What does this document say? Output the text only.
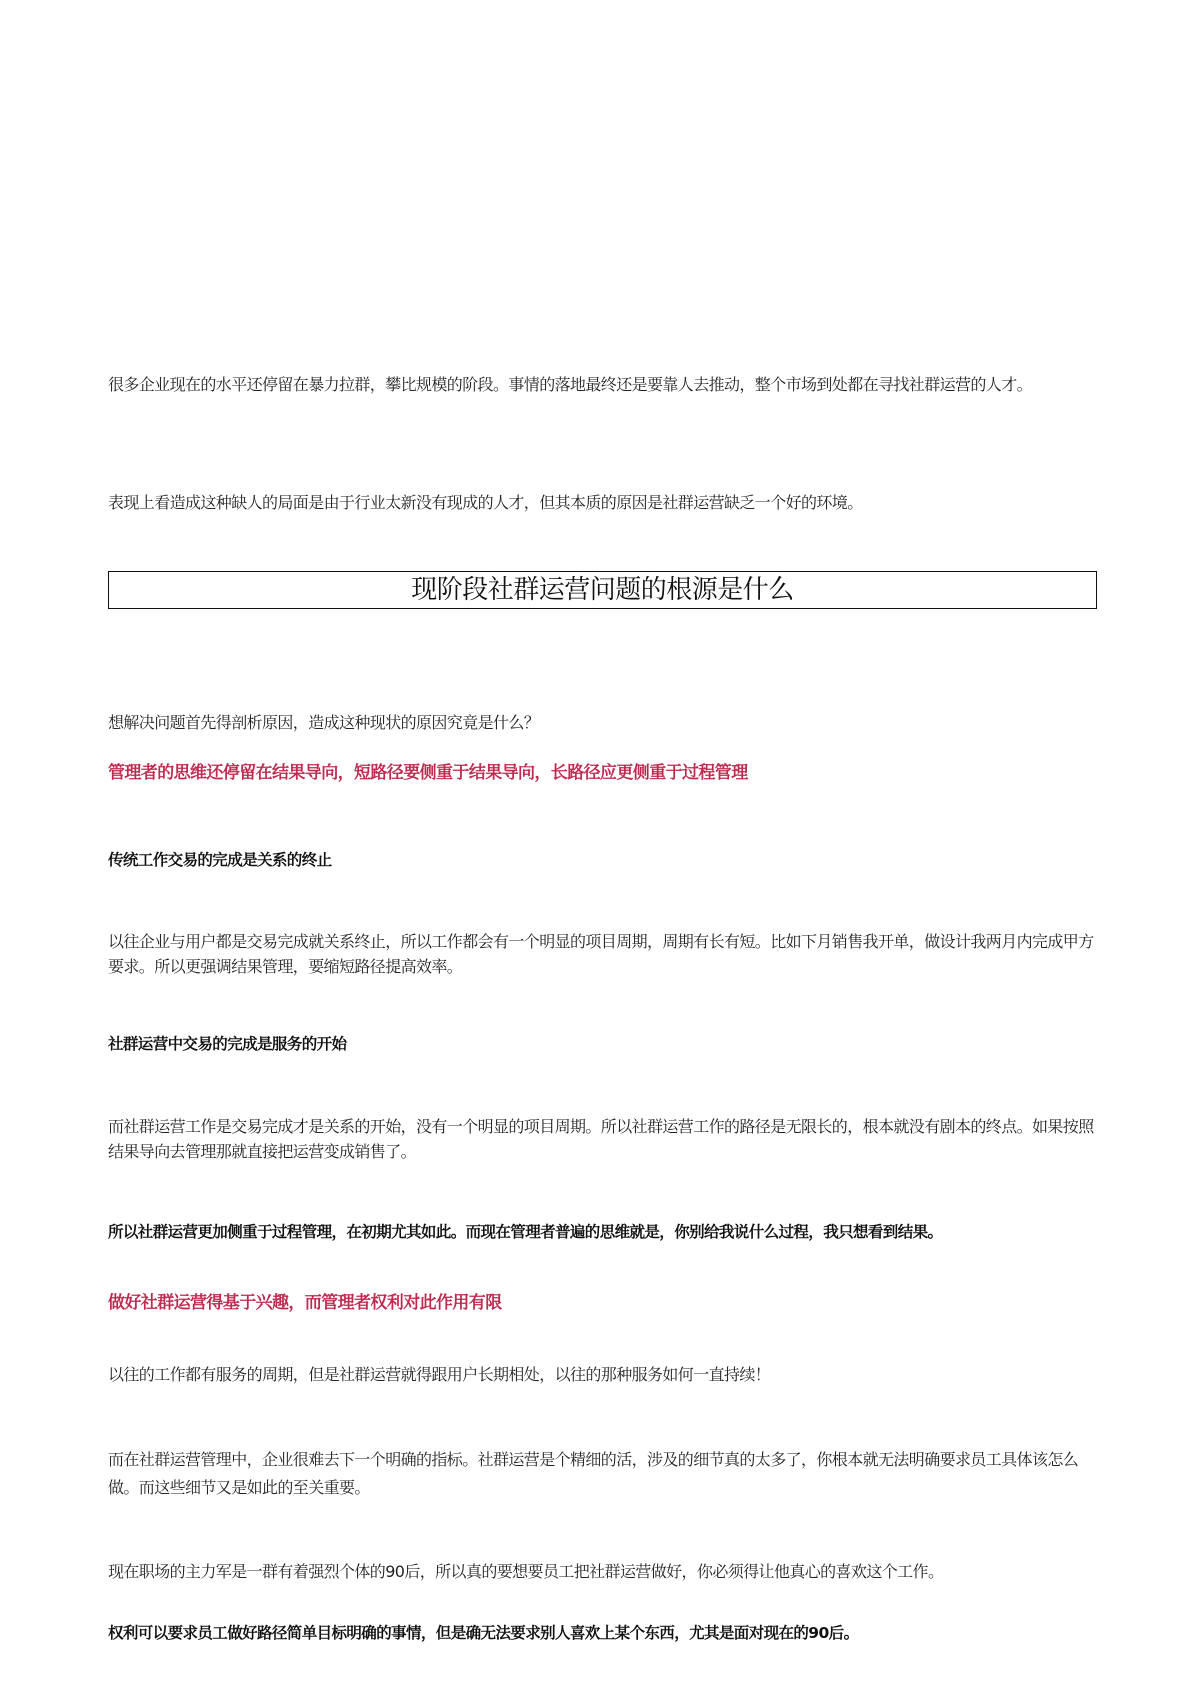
很多企业现在的水平还停留在暴力拉群，攀比规模的阶段。事情的落地最终还是要靠人去推动，整个市场到处都在寻找社群运营的人才。

表现上看造成这种缺人的局面是由于行业太新没有现成的人才，但其本质的原因是社群运营缺乏一个好的环境。

现阶段社群运营问题的根源是什么

想解决问题首先得剖析原因，造成这种现状的原因究竟是什么？

管理者的思维还停留在结果导向，短路径要侧重于结果导向，长路径应更侧重于过程管理

传统工作交易的完成是关系的终止

以往企业与用户都是交易完成就关系终止，所以工作都会有一个明显的项目周期，周期有长有短。比如下月销售我开单，做设计我两月内完成甲方要求。所以更强调结果管理，要缩短路径提高效率。

社群运营中交易的完成是服务的开始

而社群运营工作是交易完成才是关系的开始，没有一个明显的项目周期。所以社群运营工作的路径是无限长的，根本就没有剧本的终点。如果按照结果导向去管理那就直接把运营变成销售了。

所以社群运营更加侧重于过程管理，在初期尤其如此。而现在管理者普遍的思维就是，你别给我说什么过程，我只想看到结果。

做好社群运营得基于兴趣，而管理者权利对此作用有限

以往的工作都有服务的周期，但是社群运营就得跟用户长期相处，以往的那种服务如何一直持续！

而在社群运营管理中，企业很难去下一个明确的指标。社群运营是个精细的活，涉及的细节真的太多了，你根本就无法明确要求员工具体该怎么做。而这些细节又是如此的至关重要。

现在职场的主力军是一群有着强烈个体的90后，所以真的要想要员工把社群运营做好，你必须得让他真心的喜欢这个工作。

权利可以要求员工做好路径简单目标明确的事情，但是确无法要求别人喜欢上某个东西，尤其是面对现在的90后。
